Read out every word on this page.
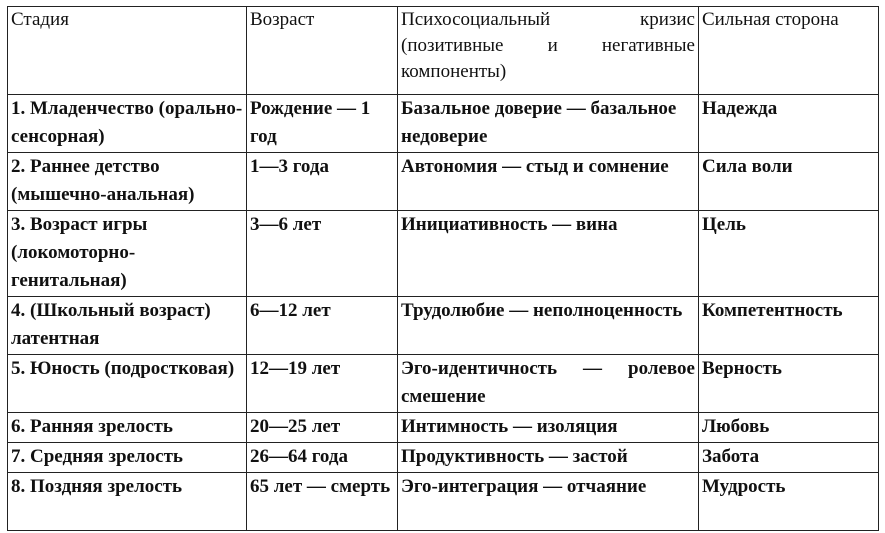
Стадия	Возраст	Психосоциальный кризис (позитивные и негативные компоненты)	Сильная сторона
1. Младенчество (орально-сенсорная)	Рождение — 1 год	Базальное доверие — базальное недоверие	Надежда
2. Раннее детство (мышечно-анальная)	1—3 года	Автономия — стыд и сомнение	Сила воли
3. Возраст игры (локомоторно-генитальная)	3—6 лет	Инициативность — вина	Цель
4. (Школьный возраст) латентная	6—12 лет	Трудолюбие — неполноценность	Компетентность
5. Юность (подростковая)	12—19 лет	Эго-идентичность — ролевое смешение	Верность
6. Ранняя зрелость	20—25 лет	Интимность — изоляция	Любовь
7. Средняя зрелость	26—64 года	Продуктивность — застой	Забота
8. Поздняя зрелость	65 лет — смерть	Эго-интеграция — отчаяние	Мудрость
